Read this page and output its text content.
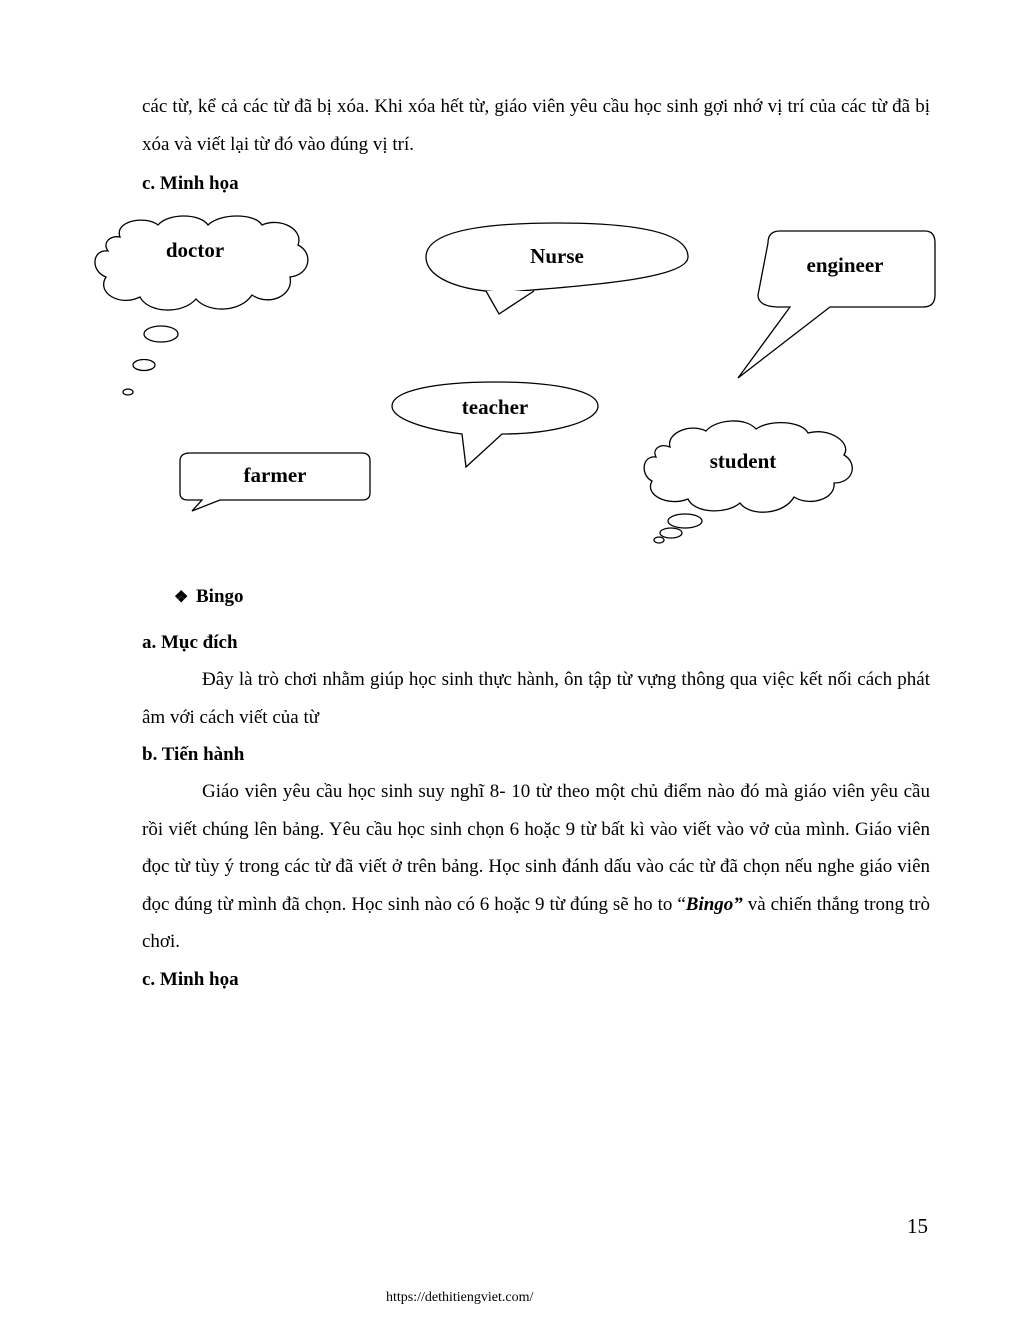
các từ, kể cả các từ đã bị xóa. Khi xóa hết từ, giáo viên yêu cầu học sinh gợi nhớ vị trí của các từ đã bị xóa và viết lại từ đó vào đúng vị trí.

c. Minh họa
doctor	Nurse	engineer
teacher
farmer
student
❖ Bingo
a. Mục đích

Đây là trò chơi nhằm giúp học sinh thực hành, ôn tập từ vựng thông qua việc kết nối cách phát âm với cách viết của từ

b. Tiến hành

Giáo viên yêu cầu học sinh suy nghĩ 8- 10 từ theo một chủ điểm nào đó mà giáo viên yêu cầu rồi viết chúng lên bảng. Yêu cầu học sinh chọn 6 hoặc 9 từ bất kì vào viết vào vở của mình. Giáo viên đọc từ tùy ý trong các từ đã viết ở trên bảng. Học sinh đánh dấu vào các từ đã chọn nếu nghe giáo viên đọc đúng từ mình đã chọn. Học sinh nào có 6 hoặc 9 từ đúng sẽ ho to “Bingo” và chiến thắng trong trò chơi.

c. Minh họa
15
https://dethitiengviet.com/
